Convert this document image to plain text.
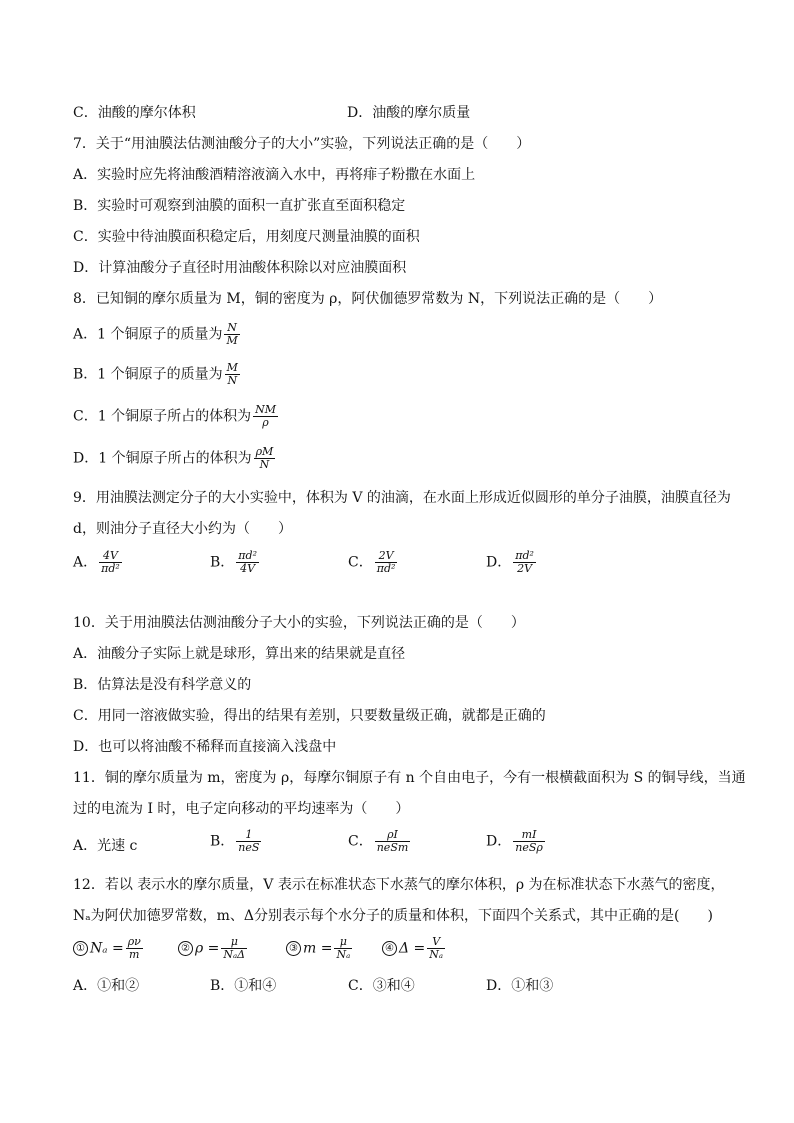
C．油酸的摩尔体积	D．油酸的摩尔质量
7．关于“用油膜法估测油酸分子的大小”实验，下列说法正确的是（　　）
A．实验时应先将油酸酒精溶液滴入水中，再将痱子粉撒在水面上
B．实验时可观察到油膜的面积一直扩张直至面积稳定
C．实验中待油膜面积稳定后，用刻度尺测量油膜的面积
D．计算油酸分子直径时用油酸体积除以对应油膜面积
8．已知铜的摩尔质量为 M，铜的密度为 ρ，阿伏伽德罗常数为 N，下列说法正确的是（　　）
A．1 个铜原子的质量为 $\frac{N}{M}$
B．1 个铜原子的质量为 $\frac{M}{N}$
C．1 个铜原子所占的体积为 $\frac{NM}{\rho}$
D．1 个铜原子所占的体积为 $\frac{\rho M}{N}$
9．用油膜法测定分子的大小实验中，体积为 V 的油滴，在水面上形成近似圆形的单分子油膜，油膜直径为
d，则油分子直径大小约为（　　）
A． $\frac{4V}{\text{πd²}}$	B． $\frac{\text{πd²}}{4V}$	C． $\frac{2V}{\text{πd²}}$	D． $\frac{\text{πd²}}{2V}$
10．关于用油膜法估测油酸分子大小的实验，下列说法正确的是（　　）
A．油酸分子实际上就是球形，算出来的结果就是直径
B．估算法是没有科学意义的
C．用同一溶液做实验，得出的结果有差别，只要数量级正确，就都是正确的
D．也可以将油酸不稀释而直接滴入浅盘中
11．铜的摩尔质量为 m，密度为 ρ，每摩尔铜原子有 n 个自由电子，今有一根横截面积为 S 的铜导线，当通
过的电流为 I 时，电子定向移动的平均速率为（　　）
A．光速 c	B． $\frac{1}{\text{neS}}$	C． $\frac{\rho I}{\text{neSm}}$	D． $\frac{mI}{\text{neSρ}}$
12．若以 表示水的摩尔质量，V 表示在标准状态下水蒸气的摩尔体积，ρ 为在标准状态下水蒸气的密度，
Nₐ为阿伏加德罗常数，m、Δ分别表示每个水分子的质量和体积，下面四个关系式，其中正确的是(　　)
① $N_a = \frac{\rho\nu}{m}$	② $\rho = \frac{\mu}{\text{NₐΔ}}$	③ $m = \frac{\mu}{\text{Nₐ}}$	④ $\Delta = \frac{V}{\text{Nₐ}}$
A．①和②	B．①和④	C．③和④	D．①和③
